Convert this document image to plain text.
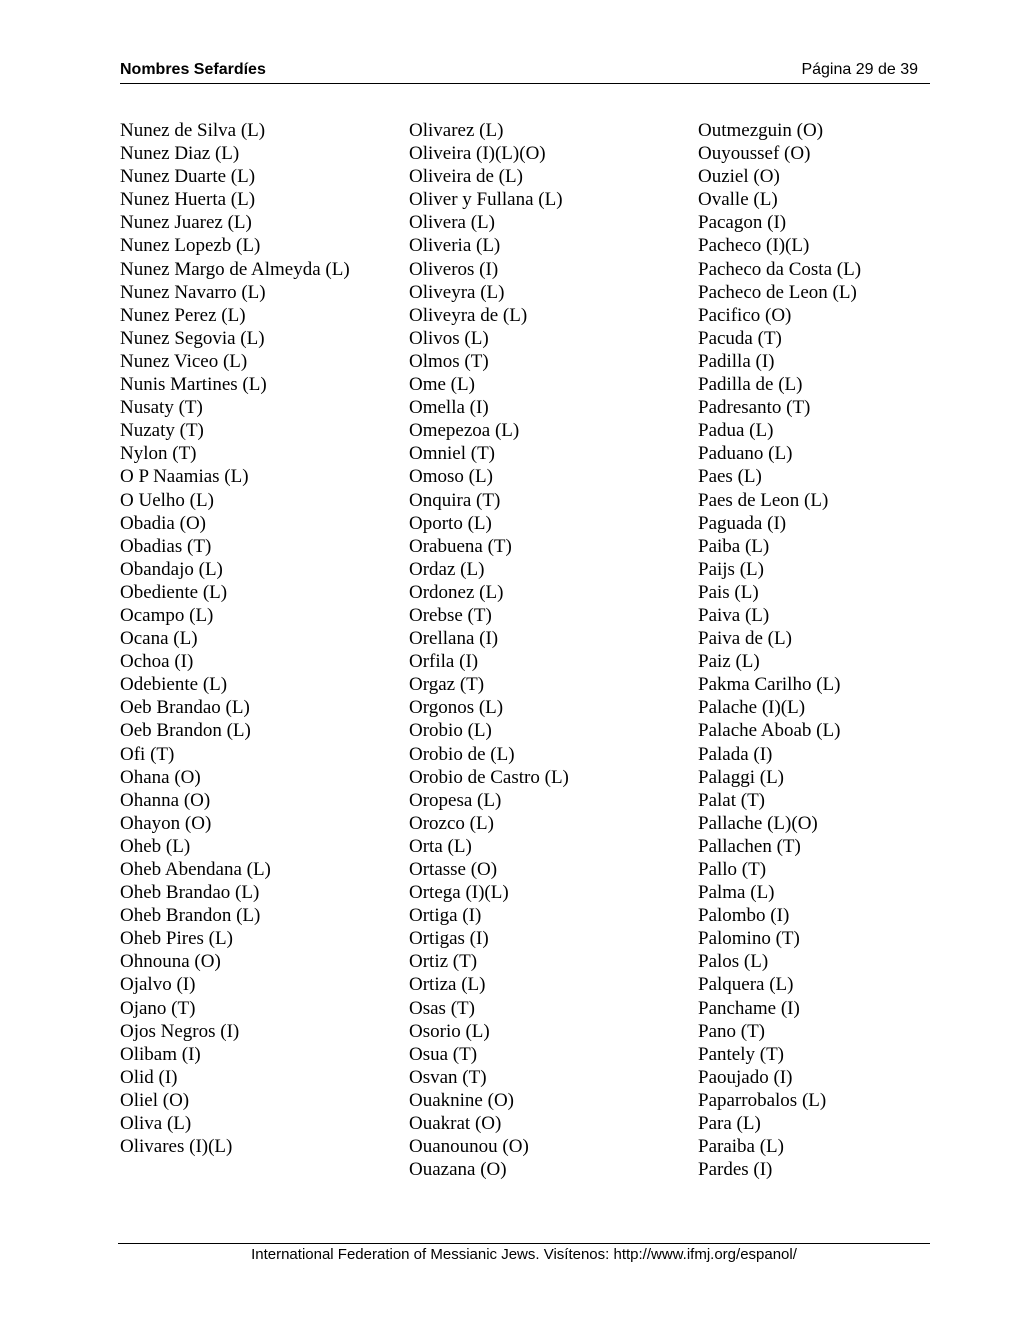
Nombres Sefardíes	Página 29 de 39
Nunez de Silva (L)
Nunez Diaz (L)
Nunez Duarte (L)
Nunez Huerta (L)
Nunez Juarez (L)
Nunez Lopezb (L)
Nunez Margo de Almeyda (L)
Nunez Navarro (L)
Nunez Perez (L)
Nunez Segovia (L)
Nunez Viceo (L)
Nunis Martines (L)
Nusaty (T)
Nuzaty (T)
Nylon (T)
O P Naamias (L)
O Uelho (L)
Obadia (O)
Obadias (T)
Obandajo (L)
Obediente (L)
Ocampo (L)
Ocana (L)
Ochoa (I)
Odebiente (L)
Oeb Brandao (L)
Oeb Brandon (L)
Ofi (T)
Ohana (O)
Ohanna (O)
Ohayon (O)
Oheb (L)
Oheb Abendana (L)
Oheb Brandao (L)
Oheb Brandon (L)
Oheb Pires (L)
Ohnouna (O)
Ojalvo (I)
Ojano (T)
Ojos Negros (I)
Olibam (I)
Olid (I)
Oliel (O)
Oliva (L)
Olivares (I)(L)
Olivarez (L)
Oliveira (I)(L)(O)
Oliveira de (L)
Oliver y Fullana (L)
Olivera (L)
Oliveria (L)
Oliveros (I)
Oliveyra (L)
Oliveyra de (L)
Olivos (L)
Olmos (T)
Ome (L)
Omella (I)
Omepezoa (L)
Omniel (T)
Omoso (L)
Onquira (T)
Oporto (L)
Orabuena (T)
Ordaz (L)
Ordonez (L)
Orebse (T)
Orellana (I)
Orfila (I)
Orgaz (T)
Orgonos (L)
Orobio (L)
Orobio de (L)
Orobio de Castro (L)
Oropesa (L)
Orozco (L)
Orta (L)
Ortasse (O)
Ortega (I)(L)
Ortiga (I)
Ortigas (I)
Ortiz (T)
Ortiza (L)
Osas (T)
Osorio (L)
Osua (T)
Osvan (T)
Ouaknine (O)
Ouakrat (O)
Ouanounou (O)
Ouazana (O)
Outmezguin (O)
Ouyoussef (O)
Ouziel (O)
Ovalle (L)
Pacagon (I)
Pacheco (I)(L)
Pacheco da Costa (L)
Pacheco de Leon (L)
Pacifico (O)
Pacuda (T)
Padilla (I)
Padilla de (L)
Padresanto (T)
Padua (L)
Paduano (L)
Paes (L)
Paes de Leon (L)
Paguada (I)
Paiba (L)
Paijs (L)
Pais (L)
Paiva (L)
Paiva de (L)
Paiz (L)
Pakma Carilho (L)
Palache (I)(L)
Palache Aboab (L)
Palada (I)
Palaggi (L)
Palat (T)
Pallache (L)(O)
Pallachen (T)
Pallo (T)
Palma (L)
Palombo (I)
Palomino (T)
Palos (L)
Palquera (L)
Panchame (I)
Pano (T)
Pantely (T)
Paoujado (I)
Paparrobalos (L)
Para (L)
Paraiba (L)
Pardes (I)
International Federation of Messianic Jews. Visítenos: http://www.ifmj.org/espanol/
